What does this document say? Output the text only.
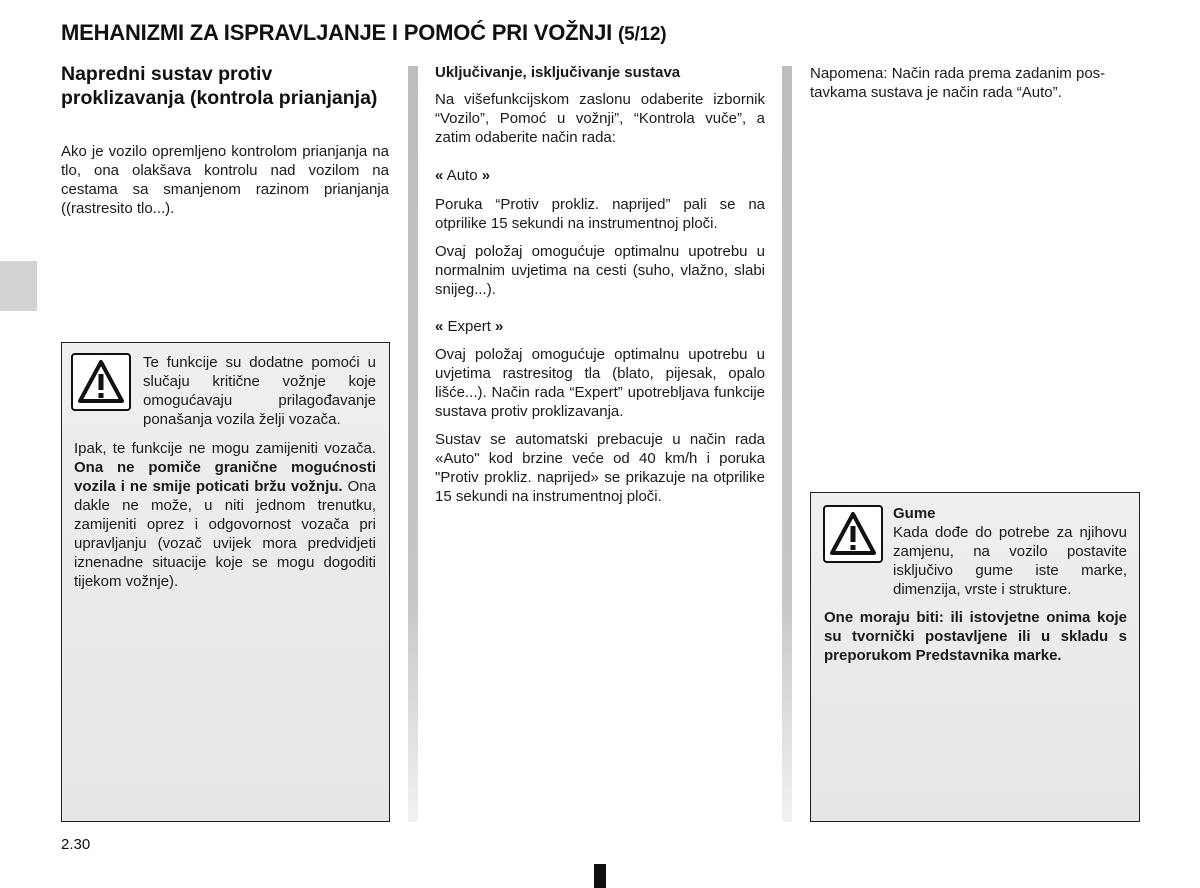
MEHANIZMI ZA ISPRAVLJANJE I POMOĆ PRI VOŽNJI (5/12)
Napredni sustav protiv proklizavanja (kontrola prianjanja)
Ako je vozilo opremljeno kontrolom prianjanja na tlo, ona olakšava kontrolu nad vozilom na cestama sa smanjenom razinom prianjanja ((rastresito tlo...).
Te funkcije su dodatne pomoći u slučaju kritične vožnje koje omogućavaju prilagođavanje ponašanja vozila želji vozača.
Ipak, te funkcije ne mogu zamijeniti vozača. Ona ne pomiče granične mogućnosti vozila i ne smije poticati bržu vožnju. Ona dakle ne može, u niti jednom trenutku, zamijeniti oprez i odgovornost vozača pri upravljanju (vozač uvijek mora predvidjeti iznenadne situacije koje se mogu dogoditi tijekom vožnje).
Uključivanje, isključivanje sustava
Na višefunkcijskom zaslonu odaberite izbornik “Vozilo”, Pomoć u vožnji”, “Kontrola vuče”, a zatim odaberite način rada:
« Auto »
Poruka “Protiv prokliz. naprijed” pali se na otprilike 15 sekundi na instrumentnoj ploči.
Ovaj položaj omogućuje optimalnu upotrebu u normalnim uvjetima na cesti (suho, vlažno, slabi snijeg...).
« Expert »
Ovaj položaj omogućuje optimalnu upotrebu u uvjetima rastresitog tla (blato, pijesak, opalo lišće...). Način rada “Expert” upotrebljava funkcije sustava protiv proklizavanja.
Sustav se automatski prebacuje u način rada «Auto" kod brzine veće od 40 km/h i poruka "Protiv prokliz. naprijed» se prikazuje na otprilike 15 sekundi na instrumentnoj ploči.
Napomena: Način rada prema zadanim postavkama sustava je način rada “Auto”.
Gume
Kada dođe do potrebe za njihovu zamjenu, na vozilo postavite isključivo gume iste marke, dimenzija, vrste i strukture.
One moraju biti: ili istovjetne onima koje su tvornički postavljene ili u skladu s preporukom Predstavnika marke.
2.30
